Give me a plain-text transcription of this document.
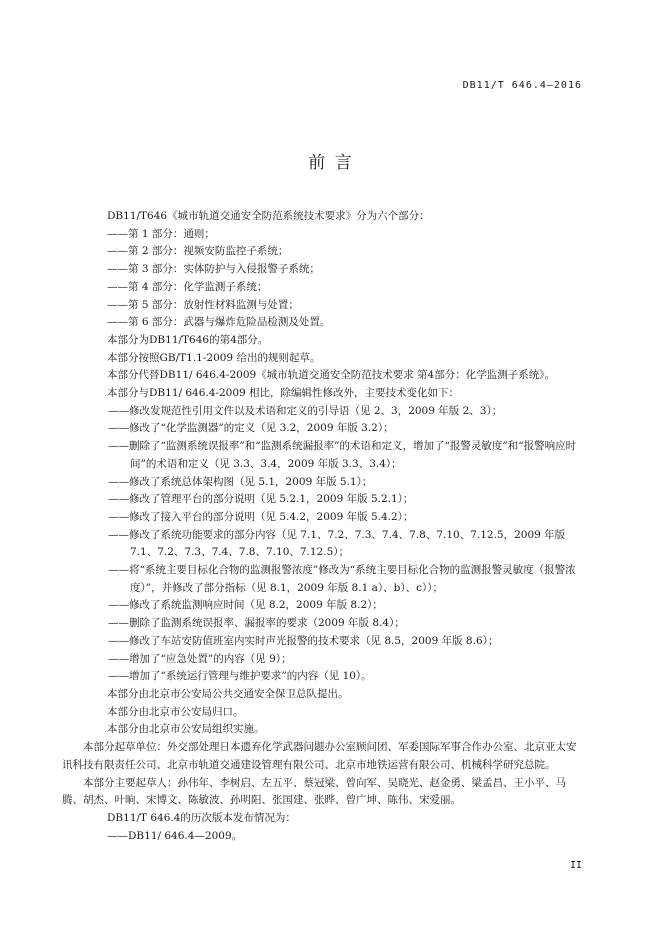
DB11/T 646.4—2016
前 言

DB11/T646《城市轨道交通安全防范系统技术要求》分为六个部分：

——第 1 部分：通则；

——第 2 部分：视频安防监控子系统；

——第 3 部分：实体防护与入侵报警子系统；

——第 4 部分：化学监测子系统；

——第 5 部分：放射性材料监测与处置；

——第 6 部分：武器与爆炸危险品检测及处置。

本部分为DB11/T646的第4部分。

本部分按照GB/T1.1-2009 给出的规则起草。

本部分代替DB11/ 646.4-2009《城市轨道交通安全防范技术要求 第4部分：化学监测子系统》。

本部分与DB11/ 646.4-2009 相比，除编辑性修改外，主要技术变化如下：

——修改发规范性引用文件以及术语和定义的引导语（见 2、3，2009 年版 2、3）；

——修改了“化学监测器”的定义（见 3.2，2009 年版 3.2）；

——删除了“监测系统误报率”和“监测系统漏报率”的术语和定义，增加了“报警灵敏度”和“报警响应时间”的术语和定义（见 3.3、3.4，2009 年版 3.3、3.4）；

——修改了系统总体架构图（见 5.1，2009 年版 5.1）；

——修改了管理平台的部分说明（见 5.2.1，2009 年版 5.2.1）；

——修改了接入平台的部分说明（见 5.4.2，2009 年版 5.4.2）；

——修改了系统功能要求的部分内容（见 7.1、7.2、7.3、7.4、7.8、7.10、7.12.5，2009 年版 7.1、7.2、7.3、7.4、7.8、7.10、7.12.5）；

——将“系统主要目标化合物的监测报警浓度”修改为“系统主要目标化合物的监测报警灵敏度（报警浓度）”，并修改了部分指标（见 8.1，2009 年版 8.1 a）、b）、c））；

——修改了系统监测响应时间（见 8.2，2009 年版 8.2）；

——删除了监测系统误报率、漏报率的要求（2009 年版 8.4）；

——修改了车站安防值班室内实时声光报警的技术要求（见 8.5，2009 年版 8.6）；

——增加了“应急处置”的内容（见 9）；

——增加了“系统运行管理与维护要求”的内容（见 10）。

本部分由北京市公安局公共交通安全保卫总队提出。

本部分由北京市公安局归口。

本部分由北京市公安局组织实施。

本部分起草单位：外交部处理日本遗弃化学武器问题办公室顾问团、军委国际军事合作办公室、北京亚太安讯科技有限责任公司、北京市轨道交通建设管理有限公司、北京市地铁运营有限公司、机械科学研究总院。

本部分主要起草人：孙伟年、李树启、左五平、蔡冠梁、曾向军、吴晓光、赵金勇、梁孟昌、王小平、马腾、胡杰、叶晌、宋博文、陈敏波、孙明阳、张国建、张晔、曾广坤、陈伟、宋爱丽。

DB11/T 646.4的历次版本发布情况为：

——DB11/ 646.4—2009。

II
